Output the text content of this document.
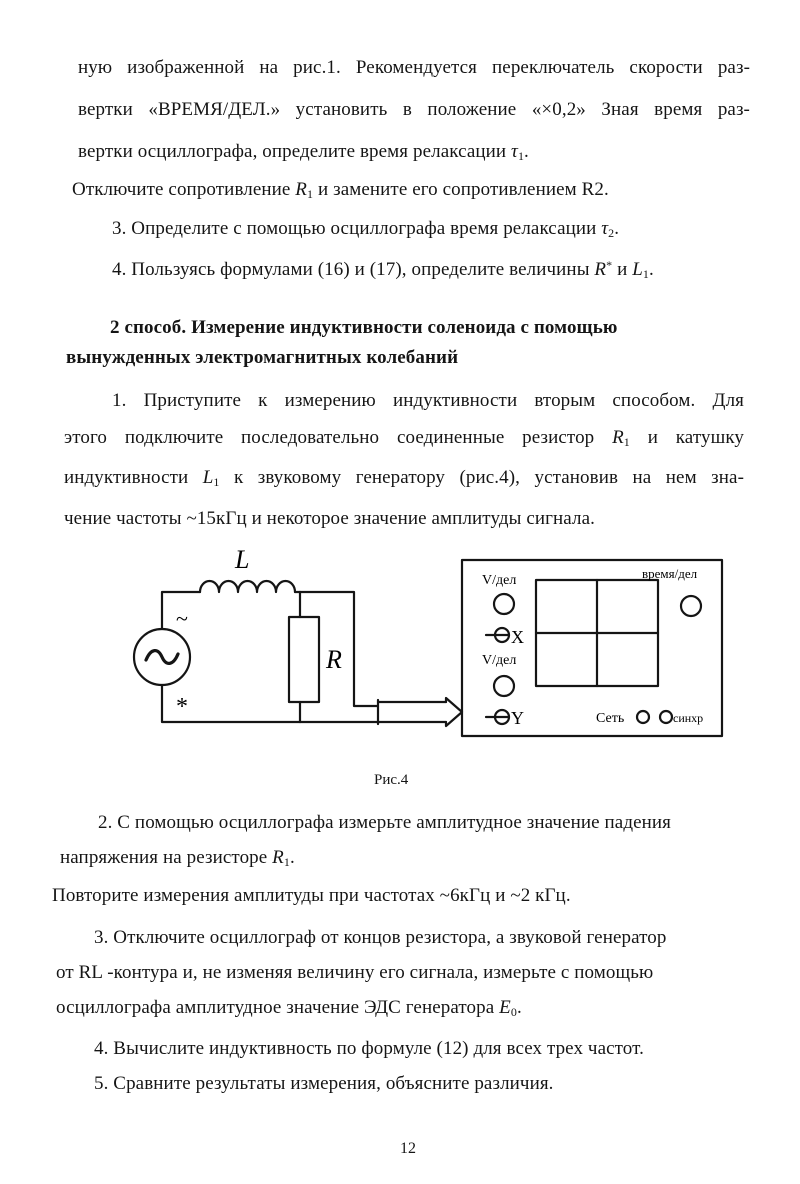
ную изображенной на рис.1. Рекомендуется переключатель скорости раз-
вертки «ВРЕМЯ/ДЕЛ.» установить в положение «×0,2» Зная время раз-
вертки осциллографа, определите время релаксации $\tau_1$.
Отключите сопротивление $R_1$ и замените его сопротивлением R2.
3. Определите с помощью осциллографа время релаксации $\tau_2$.
4. Пользуясь формулами (16) и (17), определите величины R* и $L_1$.
2 способ. Измерение индуктивности соленоида с помощью
вынужденных электромагнитных колебаний
1. Приступите к измерению индуктивности вторым способом. Для
этого подключите последовательно соединенные резистор $R_1$ и катушку
индуктивности $L_1$ к звуковому генератору (рис.4), установив на нем зна-
чение частоты ~15кГц и некоторое значение амплитуды сигнала.
L
R
~
*
V/дел
X
V/дел
Y
время/дел
Сеть	синхр
Рис.4
2. С помощью осциллографа измерьте амплитудное значение падения
напряжения на резисторе $R_1$.
Повторите измерения амплитуды при частотах ~6кГц и ~2 кГц.
3. Отключите осциллограф от концов резистора, а звуковой генератор
от RL -контура и, не изменяя величину его сигнала, измерьте с помощью
осциллографа амплитудное значение ЭДС генератора $E_0$.
4. Вычислите индуктивность по формуле (12) для всех трех частот.
5. Сравните результаты измерения, объясните различия.
12
